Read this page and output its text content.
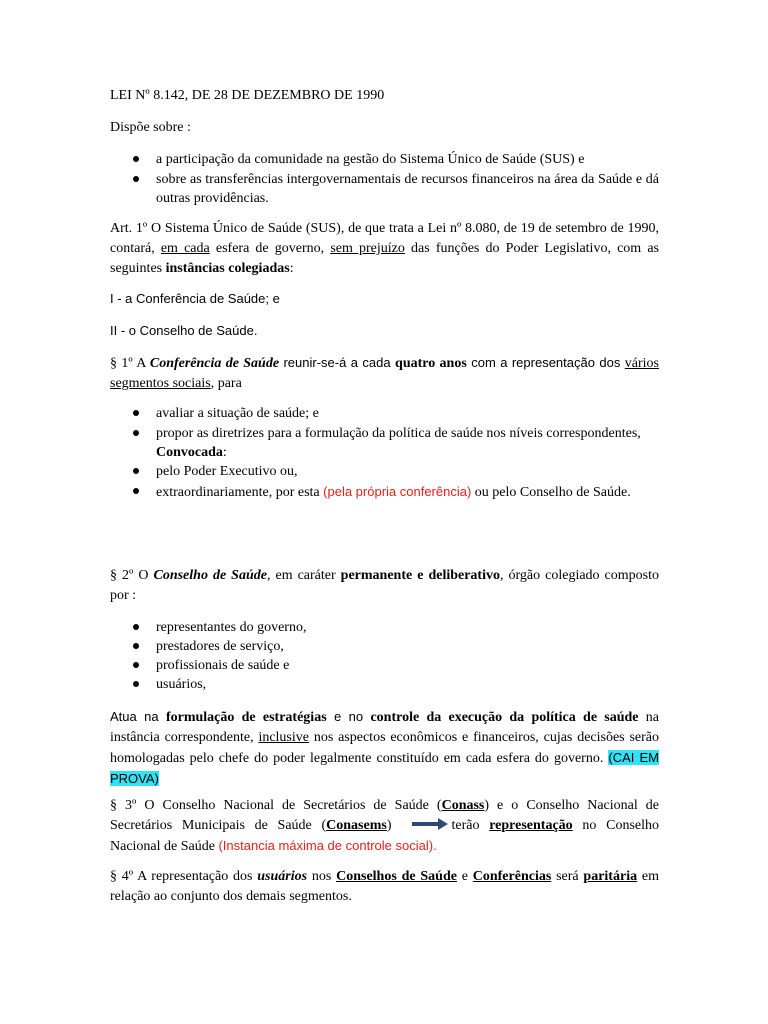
LEI Nº 8.142, DE 28 DE DEZEMBRO DE 1990

Dispõe sobre :

a participação da comunidade na gestão do Sistema Único de Saúde (SUS) e
sobre as transferências intergovernamentais de recursos financeiros na área da Saúde e dá outras providências.

Art. 1º O Sistema Único de Saúde (SUS), de que trata a Lei nº 8.080, de 19 de setembro de 1990, contará, em cada esfera de governo, sem prejuízo das funções do Poder Legislativo, com as seguintes instâncias colegiadas:

I - a Conferência de Saúde; e

II - o Conselho de Saúde.

§ 1º A Conferência de Saúde reunir-se-á a cada quatro anos com a representação dos vários segmentos sociais, para

avaliar a situação de saúde; e
propor as diretrizes para a formulação da política de saúde nos níveis correspondentes,
Convocada:
pelo Poder Executivo ou,
extraordinariamente, por esta (pela própria conferência) ou pelo Conselho de Saúde.

§ 2º O Conselho de Saúde, em caráter permanente e deliberativo, órgão colegiado composto por :

representantes do governo,
prestadores de serviço,
profissionais de saúde e
usuários,

Atua na formulação de estratégias e no controle da execução da política de saúde na instância correspondente, inclusive nos aspectos econômicos e financeiros, cujas decisões serão homologadas pelo chefe do poder legalmente constituído em cada esfera do governo. (CAI EM PROVA)

§ 3º O Conselho Nacional de Secretários de Saúde (Conass) e o Conselho Nacional de Secretários Municipais de Saúde (Conasems)	terão representação no Conselho Nacional de Saúde (Instancia máxima de controle social).

§ 4º A representação dos usuários nos Conselhos de Saúde e Conferências será paritária em relação ao conjunto dos demais segmentos.
